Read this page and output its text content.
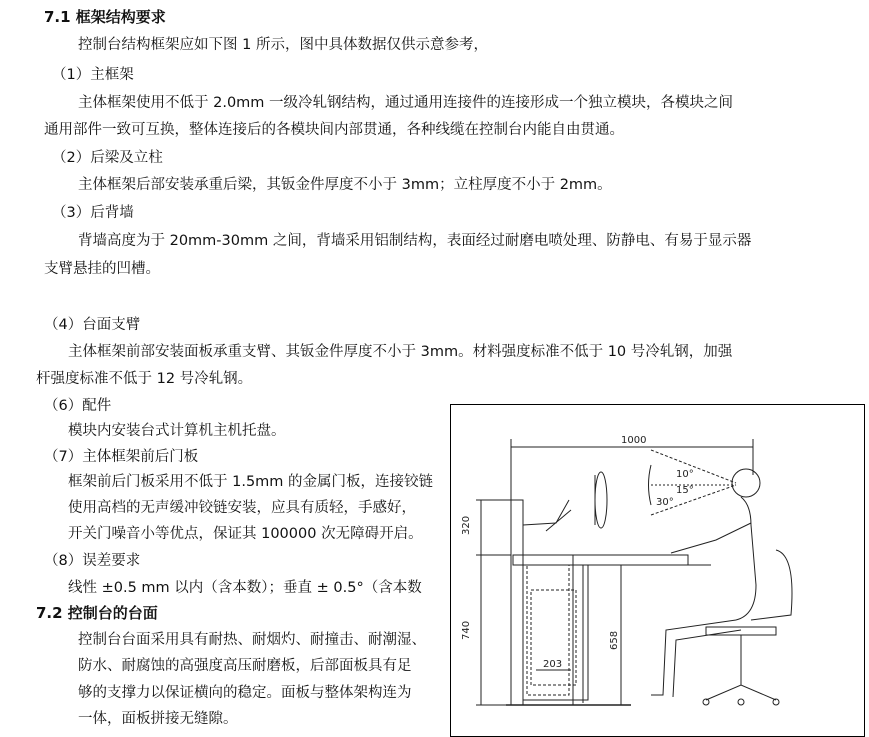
7.1 框架结构要求
控制台结构框架应如下图 1 所示，图中具体数据仅供示意参考，
（1）主框架
主体框架使用不低于 2.0mm 一级冷轧钢结构，通过通用连接件的连接形成一个独立模块，各模块之间
通用部件一致可互换，整体连接后的各模块间内部贯通，各种线缆在控制台内能自由贯通。
（2）后梁及立柱
主体框架后部安装承重后梁，其钣金件厚度不小于 3mm；立柱厚度不小于 2mm。
（3）后背墙
背墙高度为于 20mm-30mm 之间，背墙采用铝制结构，表面经过耐磨电喷处理、防静电、有易于显示器
支臂悬挂的凹槽。
（4）台面支臂
主体框架前部安装面板承重支臂、其钣金件厚度不小于 3mm。材料强度标准不低于 10 号冷轧钢，加强
杆强度标准不低于 12 号冷轧钢。
（6）配件
模块内安装台式计算机主机托盘。
（7）主体框架前后门板
框架前后门板采用不低于 1.5mm 的金属门板，连接铰链
使用高档的无声缓冲铰链安装，应具有质轻，手感好，
开关门噪音小等优点，保证其 100000 次无障碍开启。
（8）误差要求
线性 ±0.5 mm 以内（含本数）；垂直 ± 0.5°（含本数
7.2 控制台的台面
控制台台面采用具有耐热、耐烟灼、耐撞击、耐潮湿、
防水、耐腐蚀的高强度高压耐磨板，后部面板具有足
够的支撑力以保证横向的稳定。面板与整体架构连为
一体，面板拼接无缝隙。
1000
320
740
658
203
10°
15°
30°
